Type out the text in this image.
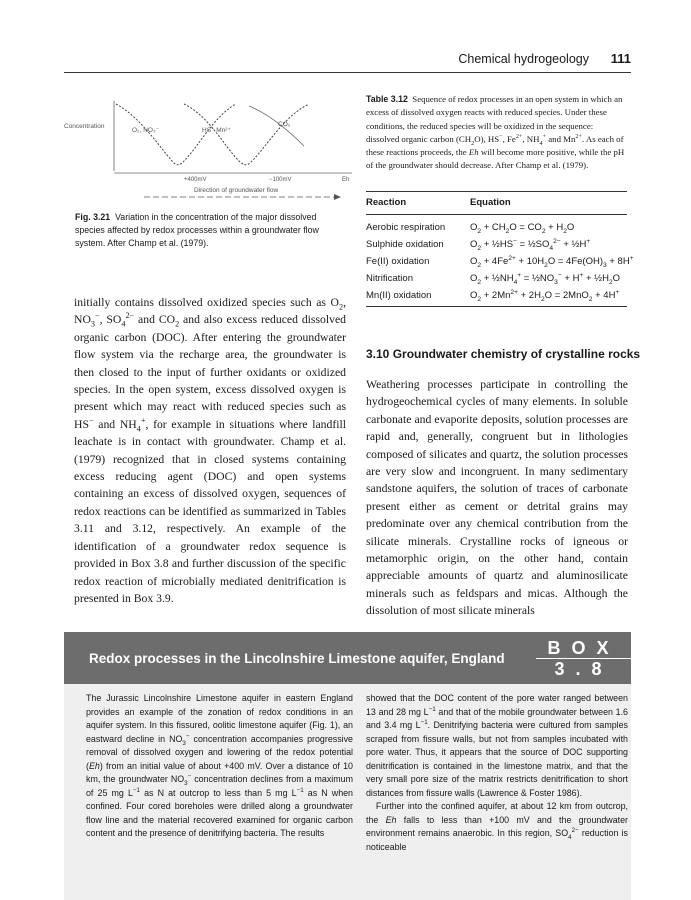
Chemical hydrogeology 111
Concentration
O₂, NO₃⁻	HS⁻ Mn²⁺
CO₂
+400mV	−100mV	Eh
Direction of groundwater flow
Fig. 3.21 Variation in the concentration of the major dissolved species affected by redox processes within a groundwater flow system. After Champ et al. (1979).
initially contains dissolved oxidized species such as $O_2$, $NO_3^-$, $SO_4^{2-}$ and $CO_2$ and also excess reduced dissolved organic carbon (DOC). After entering the groundwater flow system via the recharge area, the groundwater is then closed to the input of further oxidants or oxidized species. In the open system, excess dissolved oxygen is present which may react with reduced species such as HS− and $NH_4^+$, for example in situations where landfill leachate is in contact with groundwater. Champ et al. (1979) recognized that in closed systems containing excess reducing agent (DOC) and open systems containing an excess of dissolved oxygen, sequences of redox reactions can be identified as summarized in Tables 3.11 and 3.12, respectively. An example of the identification of a groundwater redox sequence is provided in Box 3.8 and further discussion of the specific redox reaction of microbially mediated denitrification is presented in Box 3.9.
Table 3.12 Sequence of redox processes in an open system in which an excess of dissolved oxygen reacts with reduced species. Under these conditions, the reduced species will be oxidized in the sequence: dissolved organic carbon $(CH_2O)$, HS−, $Fe^{2+}$, $NH_4^+$ and $Mn^{2+}$. As each of these reactions proceeds, the Eh will become more positive, while the pH of the groundwater should decrease. After Champ et al. (1979).
Reaction	Equation
Aerobic respiration	$O_2 + CH_2O = CO_2 + H_2O$
Sulphide oxidation	$O_2$ + ½HS− = $\frac{1}{2}SO_4^{2-}$ + ½H+
Fe(II) oxidation	$O_2 + 4Fe^{2+} + 10H_2O = 4Fe(OH)_3 + 8H^+$
Nitrification	$O_2$ + $\frac{1}{2}NH_4^+$ = $\frac{1}{2}NO_3^- + H^+$ + $\frac{1}{2}H_2O$
Mn(II) oxidation	$O_2 + 2Mn^{2+} + 2H_2O = 2MnO_2 + 4H^+$
3.10 Groundwater chemistry of crystalline rocks
Weathering processes participate in controlling the hydrogeochemical cycles of many elements. In soluble carbonate and evaporite deposits, solution processes are rapid and, generally, congruent but in lithologies composed of silicates and quartz, the solution processes are very slow and incongruent. In many sedimentary sandstone aquifers, the solution of traces of carbonate present either as cement or detrital grains may predominate over any chemical contribution from the silicate minerals. Crystalline rocks of igneous or metamorphic origin, on the other hand, contain appreciable amounts of quartz and aluminosilicate minerals such as feldspars and micas. Although the dissolution of most silicate minerals
Redox processes in the Lincolnshire Limestone aquifer, England
BOX
3.8
The Jurassic Lincolnshire Limestone aquifer in eastern England provides an example of the zonation of redox conditions in an aquifer system. In this fissured, oolitic limestone aquifer (Fig. 1), an eastward decline in $NO_3^-$ concentration accompanies progressive removal of dissolved oxygen and lowering of the redox potential (Eh) from an initial value of about +400 mV. Over a distance of 10 km, the groundwater $NO_3^-$ concentration declines from a maximum of 25 mg $L^{-1}$ as N at outcrop to less than 5 mg $L^{-1}$ as N when confined. Four cored boreholes were drilled along a groundwater flow line and the material recovered examined for organic carbon content and the presence of denitrifying bacteria. The results
showed that the DOC content of the pore water ranged between 13 and 28 mg $L^{-1}$ and that of the mobile groundwater between 1.6 and 3.4 mg $L^{-1}$. Denitrifying bacteria were cultured from samples scraped from fissure walls, but not from samples incubated with pore water. Thus, it appears that the source of DOC supporting denitrification is contained in the limestone matrix, and that the very small pore size of the matrix restricts denitrification to short distances from fissure walls (Lawrence & Foster 1986).
Further into the confined aquifer, at about 12 km from outcrop, the Eh falls to less than +100 mV and the groundwater environment remains anaerobic. In this region, $SO_4^{2-}$ reduction is noticeable
